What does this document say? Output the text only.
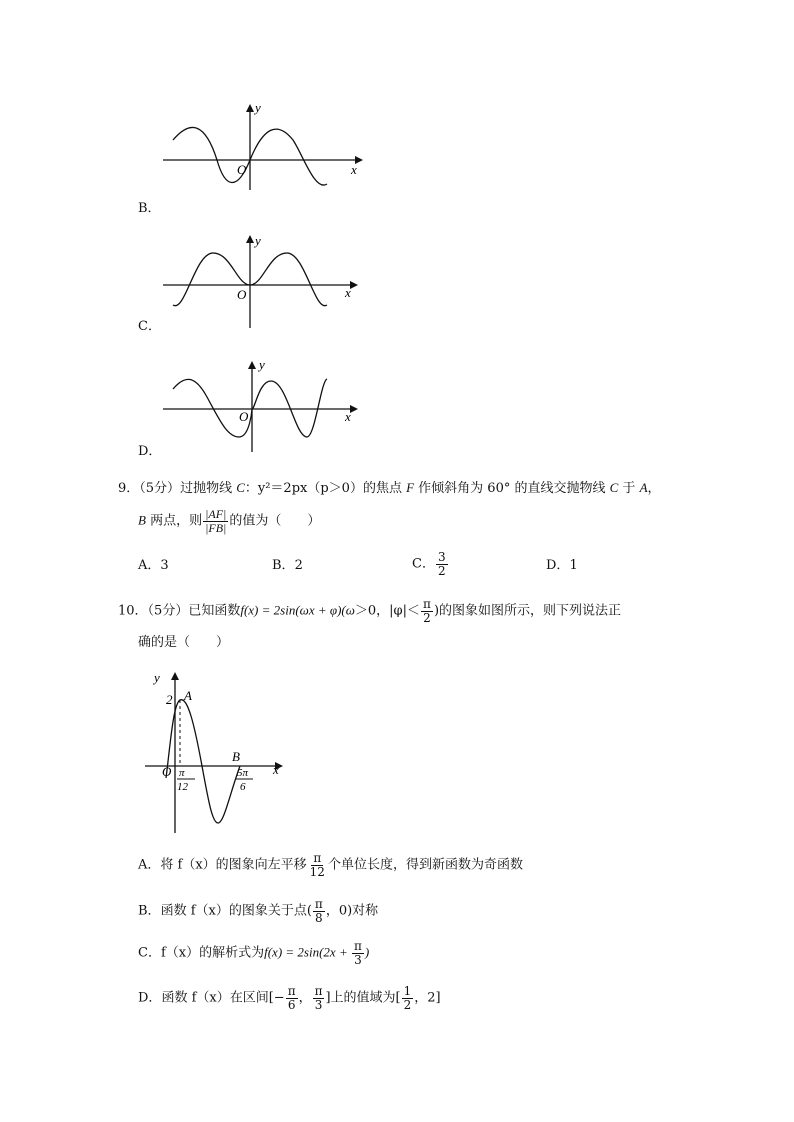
y
x
O
B．
y
x
O
C．
y
x
O
D．
9．（5分）过抛物线 C：y²＝2px（p＞0）的焦点 F 作倾斜角为 60° 的直线交抛物线 C 于 A，
B 两点，则 $\frac{|AF|}{|FB|}$ 的值为（　　）
A．3	B．2	C． $\frac{3}{2}$	D．1
10．（5分）已知函数f(x) = 2sin(ωx + φ)(ω＞0，$|\varphi|< \frac{\pi}{2}$ )的图象如图所示，则下列说法正
确的是（　　）
y
x
O
A
B
2
π
12
5π
6
A．将 f（x）的图象向左平移 $\frac{\pi}{12}$ 个单位长度，得到新函数为奇函数
B．函数 f（x）的图象关于点( $\frac{\pi}{8}$ ，0)对称
C．f（x）的解析式为$f(x) = 2\sin(2x + \frac{\pi}{3}$ )
D．函数 f（x）在区间[− $\frac{\pi}{6}$ ， $\frac{\pi}{3}$ ]上的值域为[ $\frac{1}{2}$ ，2]
